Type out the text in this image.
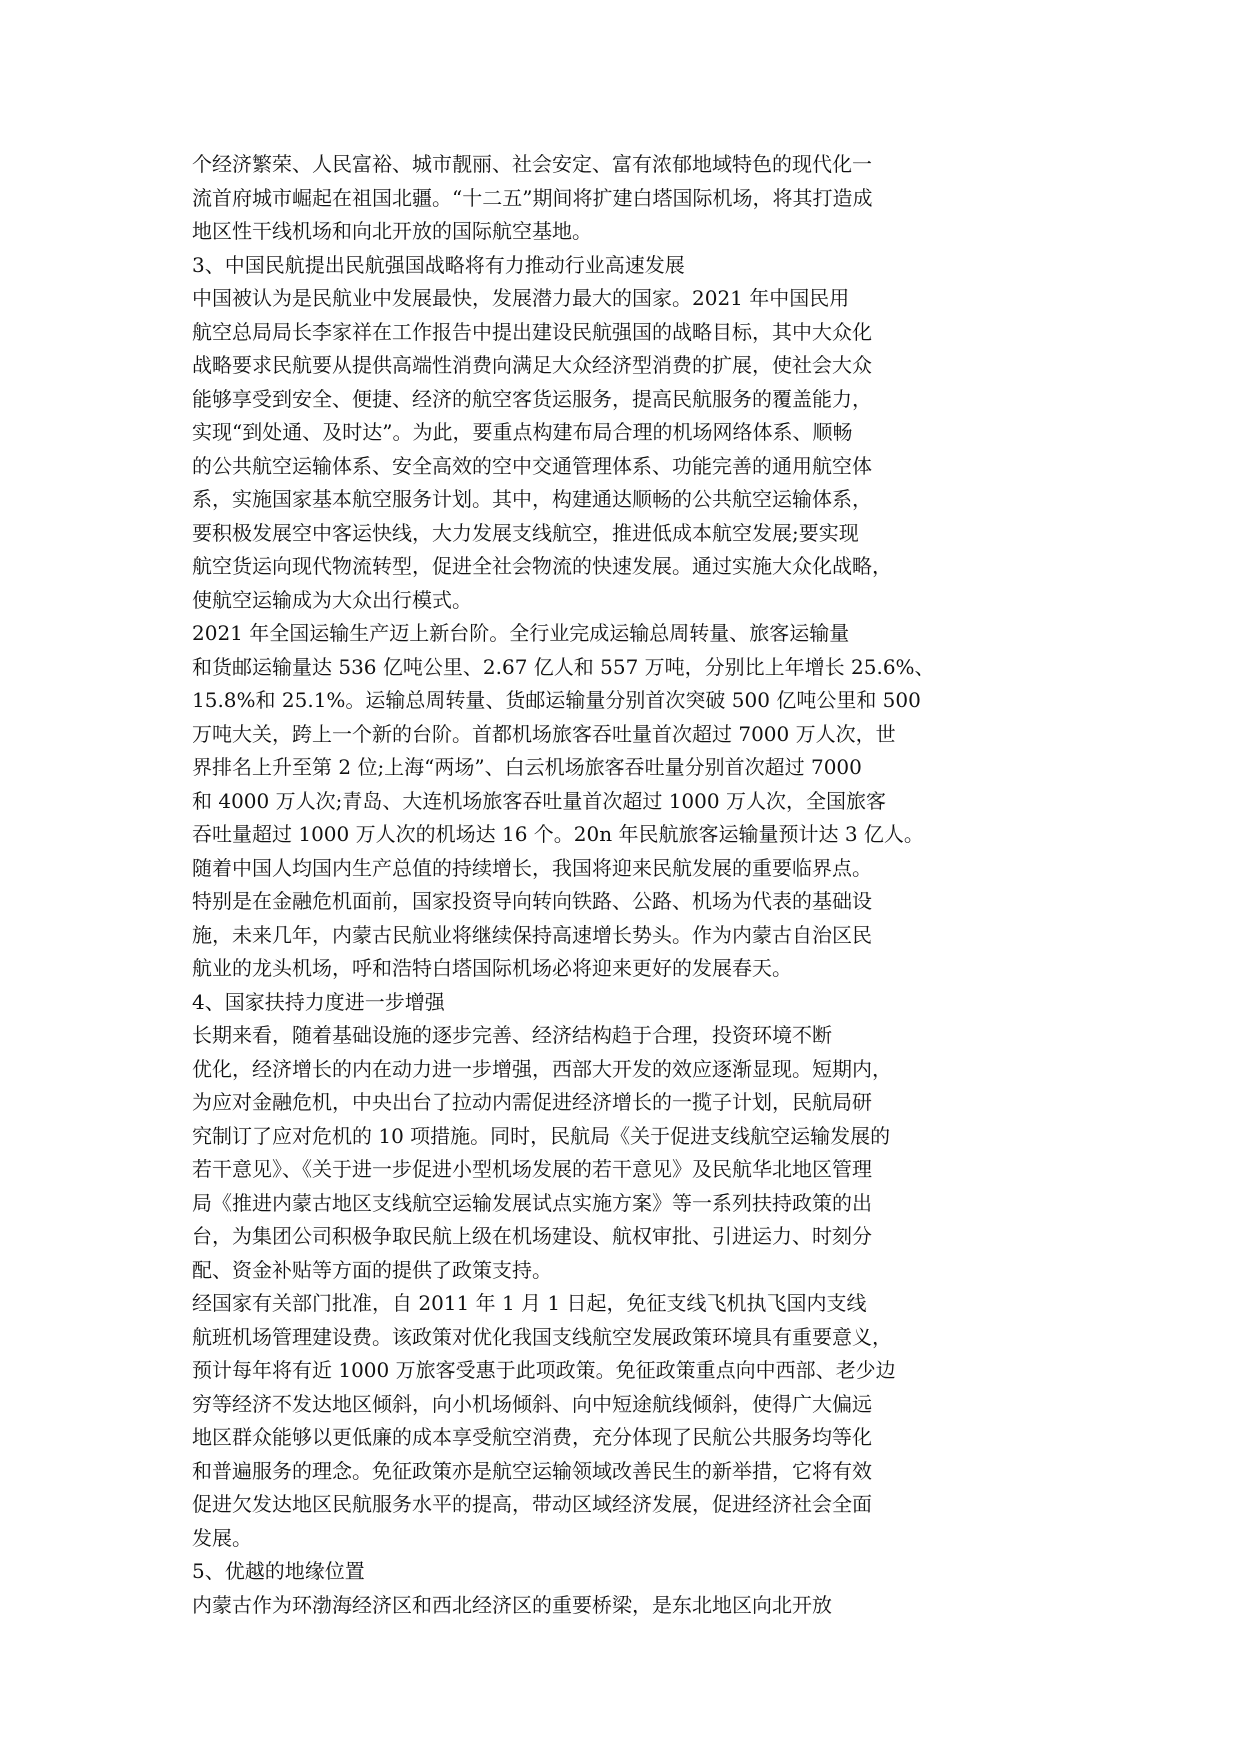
个经济繁荣、人民富裕、城市靓丽、社会安定、富有浓郁地域特色的现代化一
流首府城市崛起在祖国北疆。“十二五”期间将扩建白塔国际机场，将其打造成
地区性干线机场和向北开放的国际航空基地。
3、中国民航提出民航强国战略将有力推动行业高速发展
中国被认为是民航业中发展最快，发展潜力最大的国家。2021 年中国民用
航空总局局长李家祥在工作报告中提出建设民航强国的战略目标，其中大众化
战略要求民航要从提供高端性消费向满足大众经济型消费的扩展，使社会大众
能够享受到安全、便捷、经济的航空客货运服务，提高民航服务的覆盖能力，
实现“到处通、及时达”。为此，要重点构建布局合理的机场网络体系、顺畅
的公共航空运输体系、安全高效的空中交通管理体系、功能完善的通用航空体
系，实施国家基本航空服务计划。其中，构建通达顺畅的公共航空运输体系，
要积极发展空中客运快线，大力发展支线航空，推进低成本航空发展;要实现
航空货运向现代物流转型，促进全社会物流的快速发展。通过实施大众化战略，
使航空运输成为大众出行模式。
2021 年全国运输生产迈上新台阶。全行业完成运输总周转量、旅客运输量
和货邮运输量达 536 亿吨公里、2.67 亿人和 557 万吨，分别比上年增长 25.6%、
15.8%和 25.1%。运输总周转量、货邮运输量分别首次突破 500 亿吨公里和 500
万吨大关，跨上一个新的台阶。首都机场旅客吞吐量首次超过 7000 万人次，世
界排名上升至第 2 位;上海“两场”、白云机场旅客吞吐量分别首次超过 7000
和 4000 万人次;青岛、大连机场旅客吞吐量首次超过 1000 万人次，全国旅客
吞吐量超过 1000 万人次的机场达 16 个。20n 年民航旅客运输量预计达 3 亿人。
随着中国人均国内生产总值的持续增长，我国将迎来民航发展的重要临界点。
特别是在金融危机面前，国家投资导向转向铁路、公路、机场为代表的基础设
施，未来几年，内蒙古民航业将继续保持高速增长势头。作为内蒙古自治区民
航业的龙头机场，呼和浩特白塔国际机场必将迎来更好的发展春天。
4、国家扶持力度进一步增强
长期来看，随着基础设施的逐步完善、经济结构趋于合理，投资环境不断
优化，经济增长的内在动力进一步增强，西部大开发的效应逐渐显现。短期内，
为应对金融危机，中央出台了拉动内需促进经济增长的一揽子计划，民航局研
究制订了应对危机的 10 项措施。同时，民航局《关于促进支线航空运输发展的
若干意见》、《关于进一步促进小型机场发展的若干意见》及民航华北地区管理
局《推进内蒙古地区支线航空运输发展试点实施方案》等一系列扶持政策的出
台，为集团公司积极争取民航上级在机场建设、航权审批、引进运力、时刻分
配、资金补贴等方面的提供了政策支持。
经国家有关部门批准，自 2011 年 1 月 1 日起，免征支线飞机执飞国内支线
航班机场管理建设费。该政策对优化我国支线航空发展政策环境具有重要意义，
预计每年将有近 1000 万旅客受惠于此项政策。免征政策重点向中西部、老少边
穷等经济不发达地区倾斜，向小机场倾斜、向中短途航线倾斜，使得广大偏远
地区群众能够以更低廉的成本享受航空消费，充分体现了民航公共服务均等化
和普遍服务的理念。免征政策亦是航空运输领域改善民生的新举措，它将有效
促进欠发达地区民航服务水平的提高，带动区域经济发展，促进经济社会全面
发展。
5、优越的地缘位置
内蒙古作为环渤海经济区和西北经济区的重要桥梁，是东北地区向北开放
